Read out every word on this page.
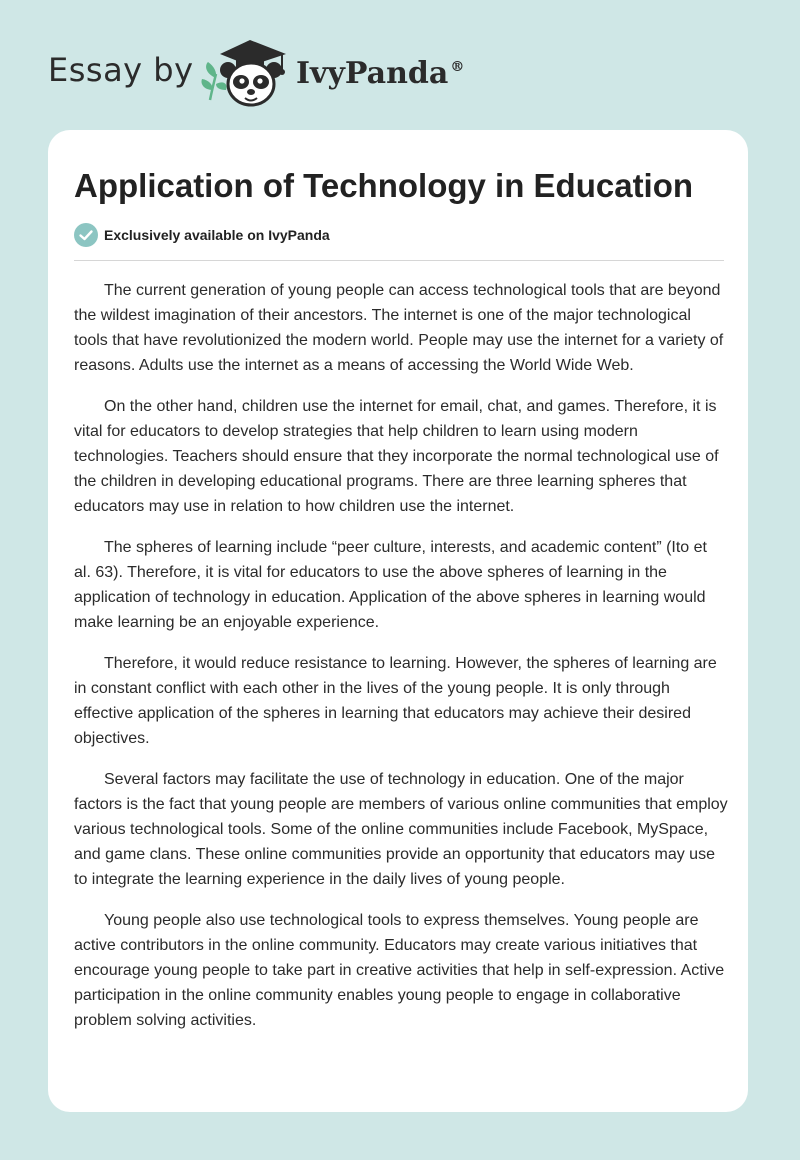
Essay by	IvyPanda ®
Application of Technology in Education
Exclusively available on IvyPanda

The current generation of young people can access technological tools that are beyond the wildest imagination of their ancestors. The internet is one of the major technological tools that have revolutionized the modern world. People may use the internet for a variety of reasons. Adults use the internet as a means of accessing the World Wide Web.

On the other hand, children use the internet for email, chat, and games. Therefore, it is vital for educators to develop strategies that help children to learn using modern technologies. Teachers should ensure that they incorporate the normal technological use of the children in developing educational programs. There are three learning spheres that educators may use in relation to how children use the internet.

The spheres of learning include “peer culture, interests, and academic content” (Ito et al. 63). Therefore, it is vital for educators to use the above spheres of learning in the application of technology in education. Application of the above spheres in learning would make learning be an enjoyable experience.

Therefore, it would reduce resistance to learning. However, the spheres of learning are in constant conflict with each other in the lives of the young people. It is only through effective application of the spheres in learning that educators may achieve their desired objectives.

Several factors may facilitate the use of technology in education. One of the major factors is the fact that young people are members of various online communities that employ various technological tools. Some of the online communities include Facebook, MySpace, and game clans. These online communities provide an opportunity that educators may use to integrate the learning experience in the daily lives of young people.

Young people also use technological tools to express themselves. Young people are active contributors in the online community. Educators may create various initiatives that encourage young people to take part in creative activities that help in self-expression. Active participation in the online community enables young people to engage in collaborative problem solving activities.
